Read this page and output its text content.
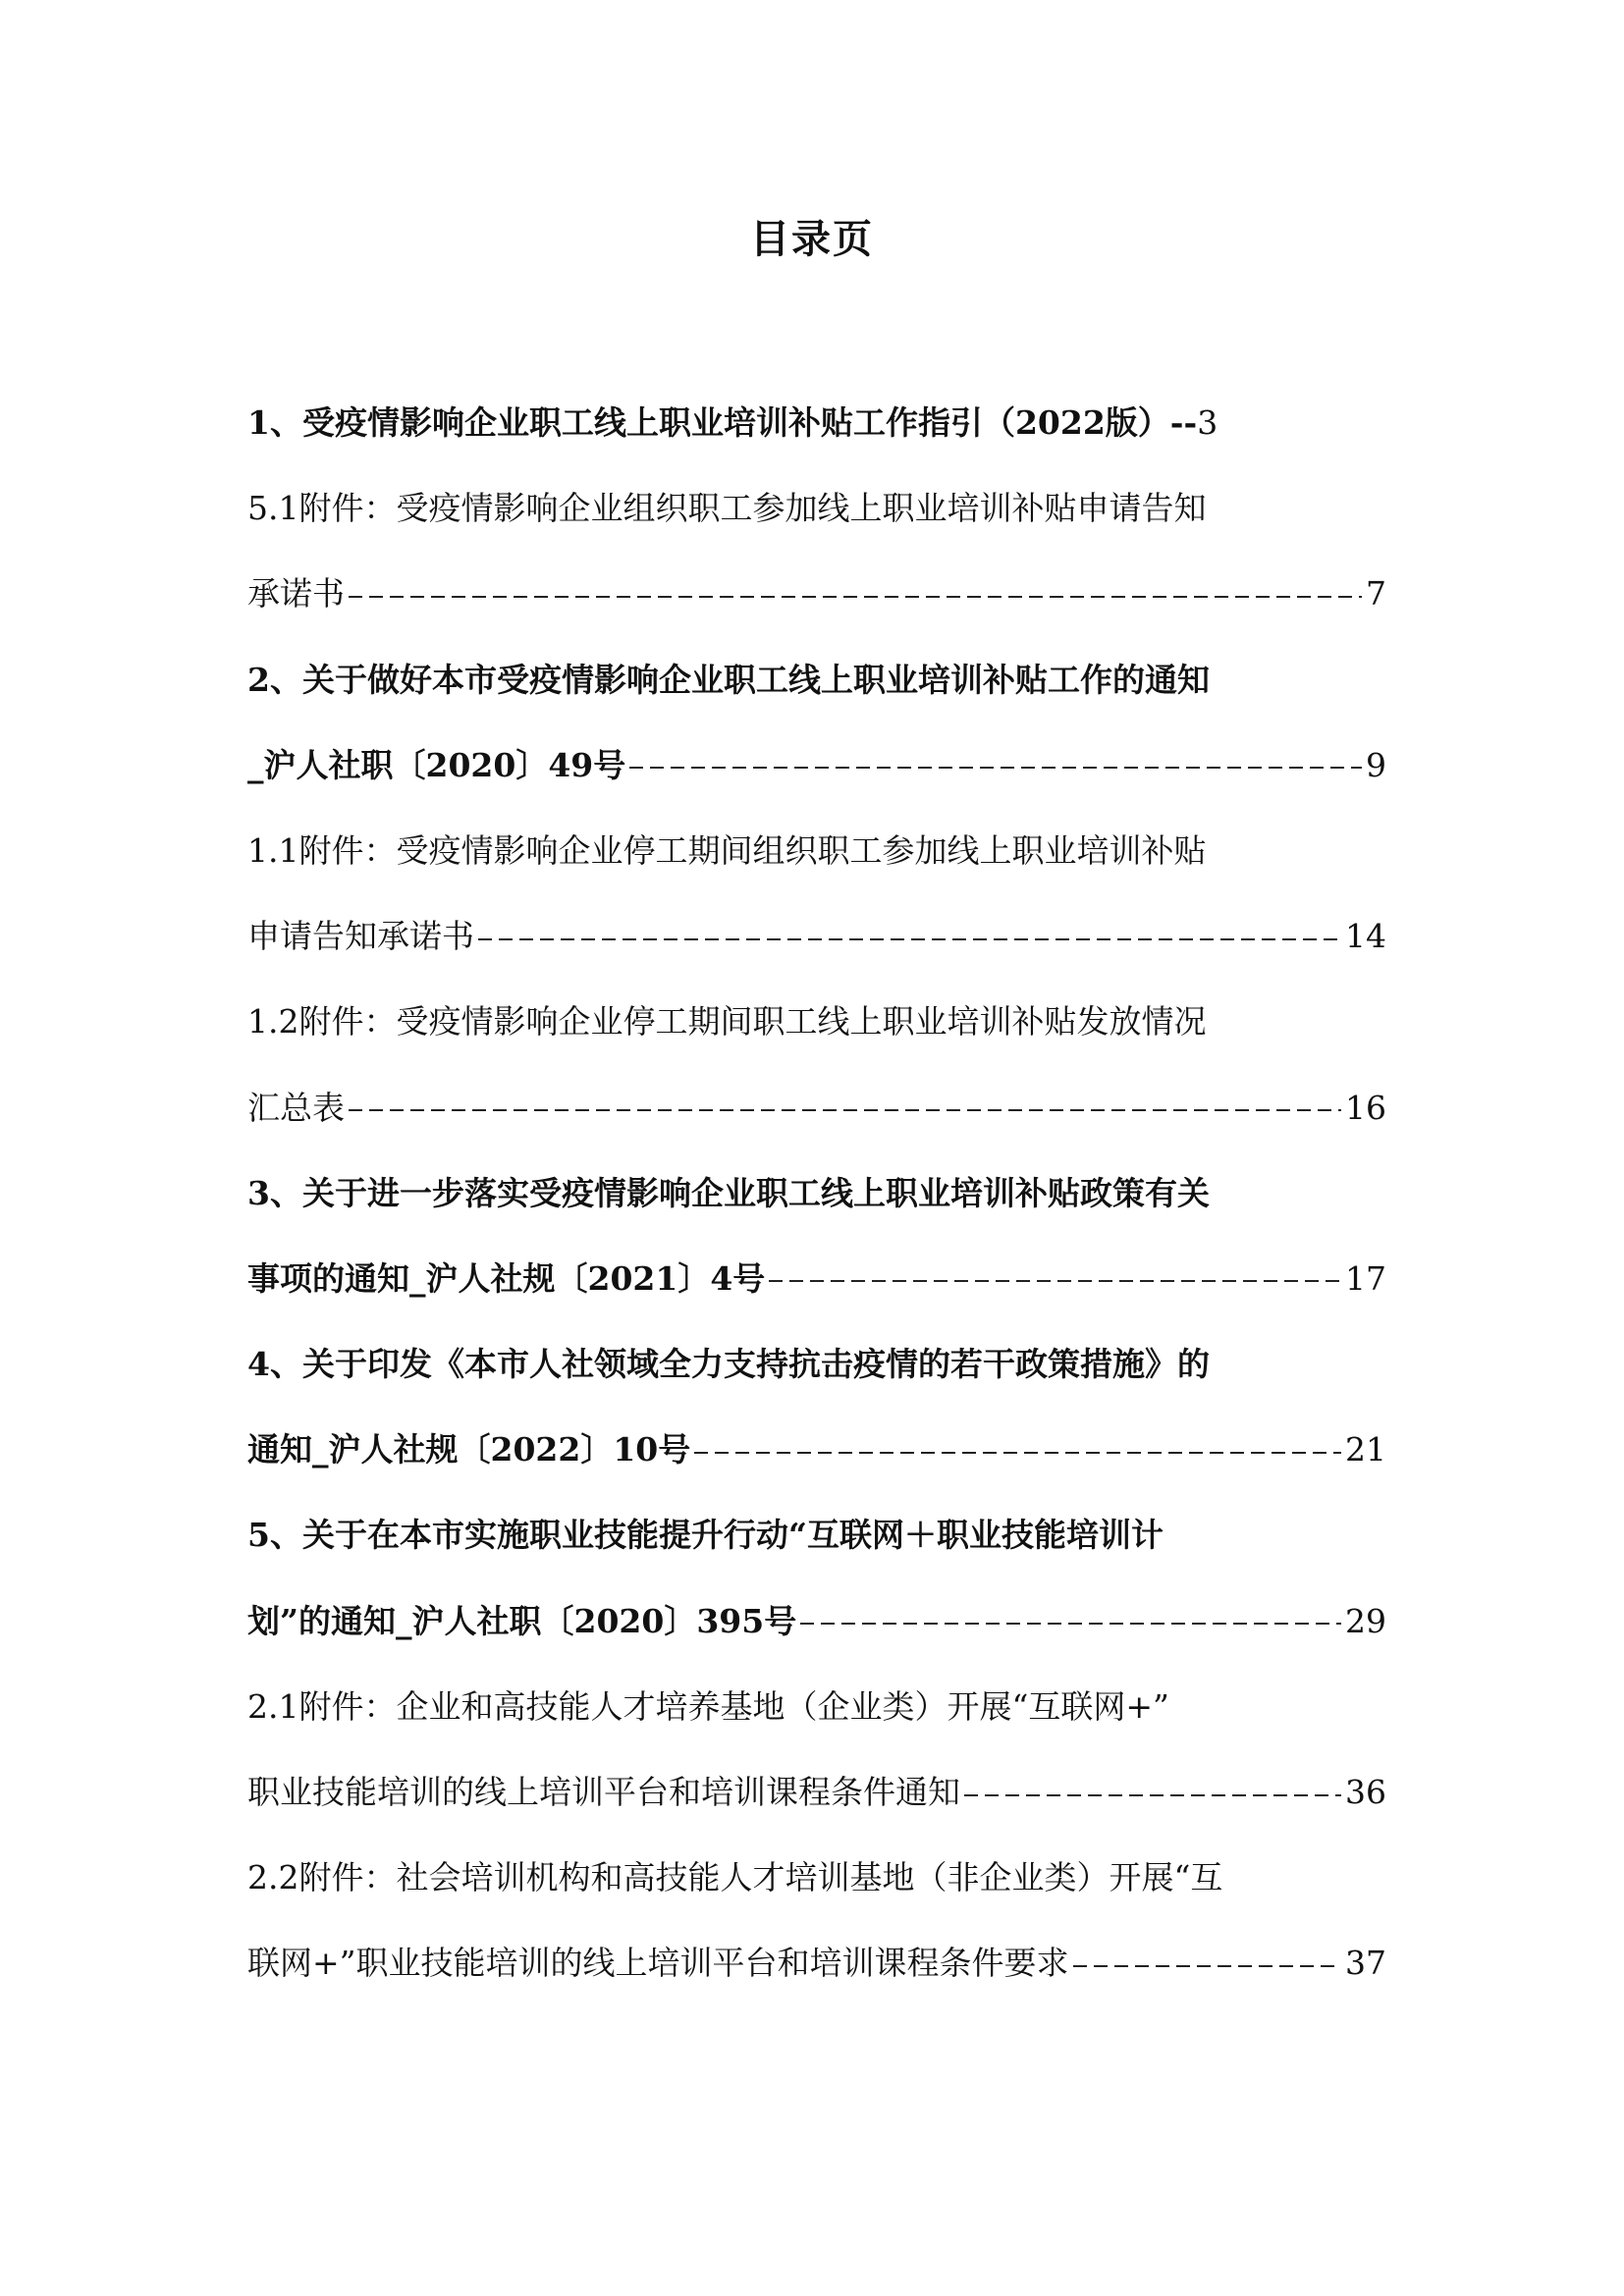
目录页
1、受疫情影响企业职工线上职业培训补贴工作指引（2022版）-- 3
5.1附件：受疫情影响企业组织职工参加线上职业培训补贴申请告知
承诺书	7
2、关于做好本市受疫情影响企业职工线上职业培训补贴工作的通知
_沪人社职〔2020〕49号	9
1.1附件：受疫情影响企业停工期间组织职工参加线上职业培训补贴
申请告知承诺书	14
1.2附件：受疫情影响企业停工期间职工线上职业培训补贴发放情况
汇总表	16
3、关于进一步落实受疫情影响企业职工线上职业培训补贴政策有关
事项的通知_沪人社规〔2021〕4号	17
4、关于印发《本市人社领域全力支持抗击疫情的若干政策措施》的
通知_沪人社规〔2022〕10号	21
5、关于在本市实施职业技能提升行动“互联网＋职业技能培训计
划”的通知_沪人社职〔2020〕395号	29
2.1附件：企业和高技能人才培养基地（企业类）开展“互联网+”
职业技能培训的线上培训平台和培训课程条件通知	36
2.2附件：社会培训机构和高技能人才培训基地（非企业类）开展“互
联网+”职业技能培训的线上培训平台和培训课程条件要求	37
